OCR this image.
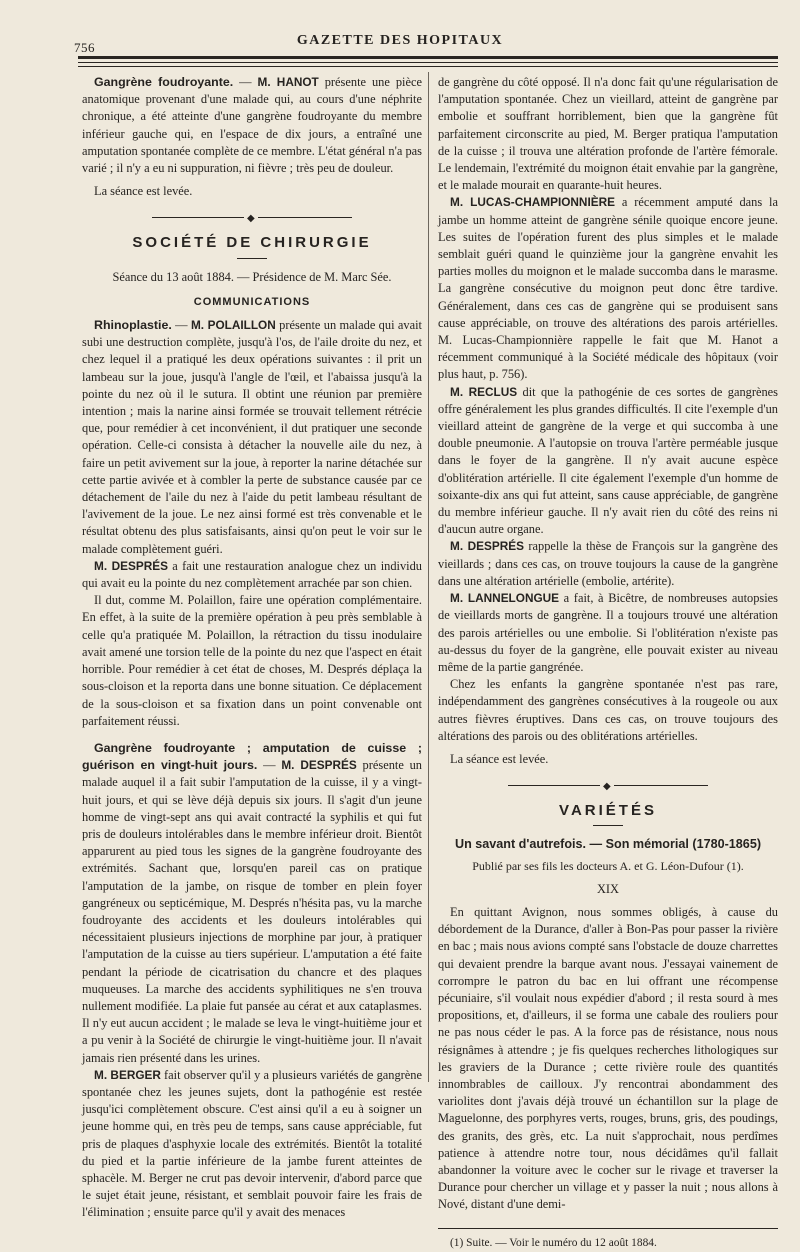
756	GAZETTE DES HOPITAUX

Gangrène foudroyante. — M. HANOT présente une pièce anatomique provenant d'une malade qui, au cours d'une néphrite chronique, a été atteinte d'une gangrène foudroyante du membre inférieur gauche qui, en l'espace de dix jours, a entraîné une amputation spontanée complète de ce membre. L'état général n'a pas varié ; il n'y a eu ni suppuration, ni fièvre ; très peu de douleur.

La séance est levée.

◆

SOCIÉTÉ DE CHIRURGIE

Séance du 13 août 1884. — Présidence de M. Marc Sée.

COMMUNICATIONS

Rhinoplastie. — M. POLAILLON présente un malade qui avait subi une destruction complète, jusqu'à l'os, de l'aile droite du nez, et chez lequel il a pratiqué les deux opérations suivantes : il prit un lambeau sur la joue, jusqu'à l'angle de l'œil, et l'abaissa jusqu'à la pointe du nez où il le sutura. Il obtint une réunion par première intention ; mais la narine ainsi formée se trouvait tellement rétrécie que, pour remédier à cet inconvénient, il dut pratiquer une seconde opération. Celle-ci consista à détacher la nouvelle aile du nez, à faire un petit avivement sur la joue, à reporter la narine détachée sur cette partie avivée et à combler la perte de substance causée par ce détachement de l'aile du nez à l'aide du petit lambeau résultant de l'avivement de la joue. Le nez ainsi formé est très convenable et le résultat obtenu des plus satisfaisants, ainsi qu'on peut le voir sur le malade complètement guéri.

M. DESPRÉS a fait une restauration analogue chez un individu qui avait eu la pointe du nez complètement arrachée par son chien.

Il dut, comme M. Polaillon, faire une opération complémentaire. En effet, à la suite de la première opération à peu près semblable à celle qu'a pratiquée M. Polaillon, la rétraction du tissu inodulaire avait amené une torsion telle de la pointe du nez que l'aspect en était horrible. Pour remédier à cet état de choses, M. Després déplaça la sous-cloison et la reporta dans une bonne situation. Ce déplacement de la sous-cloison et sa fixation dans un point convenable ont parfaitement réussi.

Gangrène foudroyante ; amputation de cuisse ; guérison en vingt-huit jours. — M. DESPRÉS présente un malade auquel il a fait subir l'amputation de la cuisse, il y a vingt-huit jours, et qui se lève déjà depuis six jours. Il s'agit d'un jeune homme de vingt-sept ans qui avait contracté la syphilis et qui fut pris de douleurs intolérables dans le membre inférieur droit. Bientôt apparurent au pied tous les signes de la gangrène foudroyante des extrémités. Sachant que, lorsqu'en pareil cas on pratique l'amputation de la jambe, on risque de tomber en plein foyer gangréneux ou septicémique, M. Després n'hésita pas, vu la marche foudroyante des accidents et les douleurs intolérables qui nécessitaient plusieurs injections de morphine par jour, à pratiquer l'amputation de la cuisse au tiers supérieur. L'amputation a été faite pendant la période de cicatrisation du chancre et des plaques muqueuses. La marche des accidents syphilitiques ne s'en trouva nullement modifiée. La plaie fut pansée au cérat et aux cataplasmes. Il n'y eut aucun accident ; le malade se leva le vingt-huitième jour et a pu venir à la Société de chirurgie le vingt-huitième jour. Il n'avait jamais rien présenté dans les urines.

M. BERGER fait observer qu'il y a plusieurs variétés de gangrène spontanée chez les jeunes sujets, dont la pathogénie est restée jusqu'ici complètement obscure. C'est ainsi qu'il a eu à soigner un jeune homme qui, en très peu de temps, sans cause appréciable, fut pris de plaques d'asphyxie locale des extrémités. Bientôt la totalité du pied et la partie inférieure de la jambe furent atteintes de sphacèle. M. Berger ne crut pas devoir intervenir, d'abord parce que le sujet était jeune, résistant, et semblait pouvoir faire les frais de l'élimination ; ensuite parce qu'il y avait des menaces

de gangrène du côté opposé. Il n'a donc fait qu'une régularisation de l'amputation spontanée. Chez un vieillard, atteint de gangrène par embolie et souffrant horriblement, bien que la gangrène fût parfaitement circonscrite au pied, M. Berger pratiqua l'amputation de la cuisse ; il trouva une altération profonde de l'artère fémorale. Le lendemain, l'extrémité du moignon était envahie par la gangrène, et le malade mourait en quarante-huit heures.

M. LUCAS-CHAMPIONNIÈRE a récemment amputé dans la jambe un homme atteint de gangrène sénile quoique encore jeune. Les suites de l'opération furent des plus simples et le malade semblait guéri quand le quinzième jour la gangrène envahit les parties molles du moignon et le malade succomba dans le marasme. La gangrène consécutive du moignon peut donc être tardive. Généralement, dans ces cas de gangrène qui se produisent sans cause appréciable, on trouve des altérations des parois artérielles. M. Lucas-Championnière rappelle le fait que M. Hanot a récemment communiqué à la Société médicale des hôpitaux (voir plus haut, p. 756).

M. RECLUS dit que la pathogénie de ces sortes de gangrènes offre généralement les plus grandes difficultés. Il cite l'exemple d'un vieillard atteint de gangrène de la verge et qui succomba à une double pneumonie. A l'autopsie on trouva l'artère perméable jusque dans le foyer de la gangrène. Il n'y avait aucune espèce d'oblitération artérielle. Il cite également l'exemple d'un homme de soixante-dix ans qui fut atteint, sans cause appréciable, de gangrène du membre inférieur gauche. Il n'y avait rien du côté des reins ni d'aucun autre organe.

M. DESPRÉS rappelle la thèse de François sur la gangrène des vieillards ; dans ces cas, on trouve toujours la cause de la gangrène dans une altération artérielle (embolie, artérite).

M. LANNELONGUE a fait, à Bicêtre, de nombreuses autopsies de vieillards morts de gangrène. Il a toujours trouvé une altération des parois artérielles ou une embolie. Si l'oblitération n'existe pas au-dessus du foyer de la gangrène, elle pouvait exister au niveau même de la partie gangrénée.

Chez les enfants la gangrène spontanée n'est pas rare, indépendamment des gangrènes consécutives à la rougeole ou aux autres fièvres éruptives. Dans ces cas, on trouve toujours des altérations des parois ou des oblitérations artérielles.

La séance est levée.

◆

VARIÉTÉS

Un savant d'autrefois. — Son mémorial (1780-1865)

Publié par ses fils les docteurs A. et G. Léon-Dufour (1).

XIX

En quittant Avignon, nous sommes obligés, à cause du débordement de la Durance, d'aller à Bon-Pas pour passer la rivière en bac ; mais nous avions compté sans l'obstacle de douze charrettes qui devaient prendre la barque avant nous. J'essayai vainement de corrompre le patron du bac en lui offrant une récompense pécuniaire, s'il voulait nous expédier d'abord ; il resta sourd à mes propositions, et, d'ailleurs, il se forma une cabale des rouliers pour ne pas nous céder le pas. A la force pas de résistance, nous nous résignâmes à attendre ; je fis quelques recherches lithologiques sur les graviers de la Durance ; cette rivière roule des quantités innombrables de cailloux. J'y rencontrai abondamment des variolites dont j'avais déjà trouvé un échantillon sur la plage de Maguelonne, des porphyres verts, rouges, bruns, gris, des poudings, des granits, des grès, etc. La nuit s'approchait, nous perdîmes patience à attendre notre tour, nous décidâmes qu'il fallait abandonner la voiture avec le cocher sur le rivage et traverser la Durance pour chercher un village et y passer la nuit ; nous allons à Nové, distant d'une demi-

(1) Suite. — Voir le numéro du 12 août 1884.
